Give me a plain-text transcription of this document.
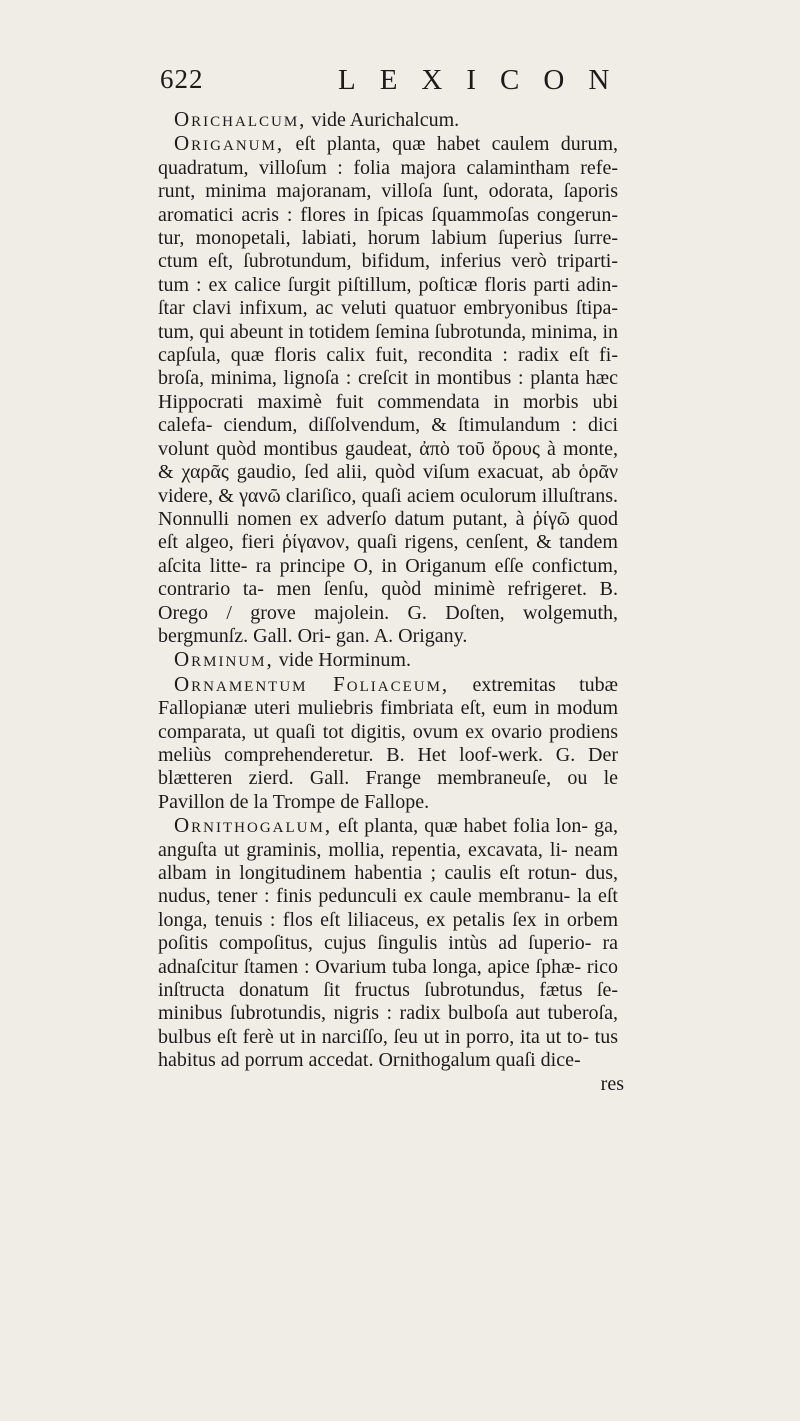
622	LEXICON

Orichalcum, vide Aurichalcum.

Origanum, eſt planta, quæ habet caulem durum, quadratum, villoſum : folia majora calamintham refe- runt, minima majoranam, villoſa ſunt, odorata, ſaporis aromatici acris : flores in ſpicas ſquammoſas congerun- tur, monopetali, labiati, horum labium ſuperius ſurre- ctum eſt, ſubrotundum, bifidum, inferius verò triparti- tum : ex calice ſurgit piſtillum, poſticæ floris parti adin- ſtar clavi infixum, ac veluti quatuor embryonibus ſtipa- tum, qui abeunt in totidem ſemina ſubrotunda, minima, in capſula, quæ floris calix fuit, recondita : radix eſt fi- broſa, minima, lignoſa : creſcit in montibus : planta hæc Hippocrati maximè fuit commendata in morbis ubi calefa- ciendum, diſſolvendum, & ſtimulandum : dici volunt quòd montibus gaudeat, ἀπὸ τοῦ ὄρους à monte, & χαρᾶς gaudio, ſed alii, quòd viſum exacuat, ab ὁρᾶν videre, & γανῶ clariſico, quaſi aciem oculorum illuſtrans. Nonnulli nomen ex adverſo datum putant, à ῥίγῶ quod eſt algeo, fieri ῥίγανον, quaſi rigens, cenſent, & tandem aſcita litte- ra principe O, in Origanum eſſe confictum, contrario ta- men ſenſu, quòd minimè refrigeret. B. Orego / grove majolein. G. Doſten, wolgemuth, bergmunſz. Gall. Ori- gan. A. Origany.

Orminum, vide Horminum.

Ornamentum Foliaceum, extremitas tubæ Fallopianæ uteri muliebris fimbriata eſt, eum in modum comparata, ut quaſi tot digitis, ovum ex ovario prodiens meliùs comprehenderetur. B. Het loof-werk. G. Der blætteren zierd. Gall. Frange membraneuſe, ou le Pavillon de la Trompe de Fallope.

Ornithogalum, eſt planta, quæ habet folia lon- ga, anguſta ut graminis, mollia, repentia, excavata, li- neam albam in longitudinem habentia ; caulis eſt rotun- dus, nudus, tener : finis pedunculi ex caule membranu- la eſt longa, tenuis : flos eſt liliaceus, ex petalis ſex in orbem poſitis compoſitus, cujus ſingulis intùs ad ſuperio- ra adnaſcitur ſtamen : Ovarium tuba longa, apice ſphæ- rico inſtructa donatum ſit fructus ſubrotundus, fætus ſe- minibus ſubrotundis, nigris : radix bulboſa aut tuberoſa, bulbus eſt ferè ut in narciſſo, ſeu ut in porro, ita ut to- tus habitus ad porrum accedat. Ornithogalum quaſi dice-

res
